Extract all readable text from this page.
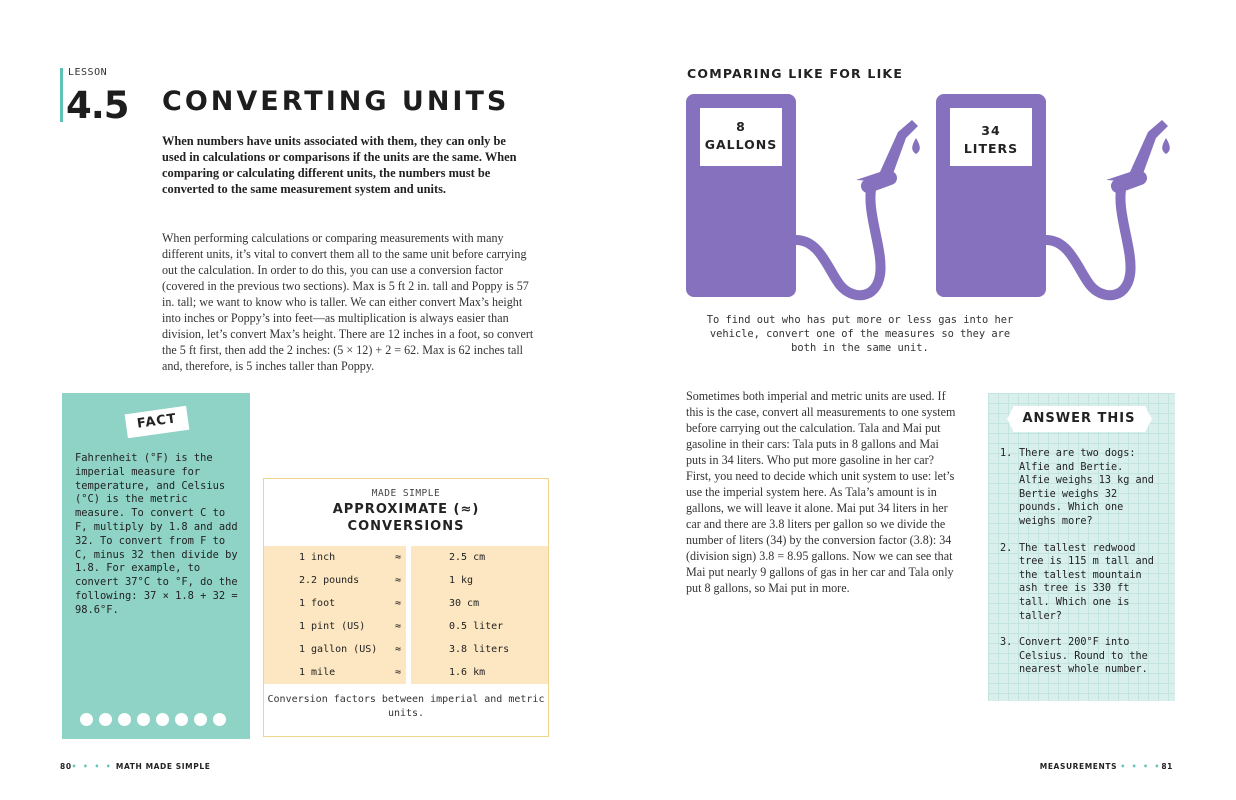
LESSON
4.5 CONVERTING UNITS
When numbers have units associated with them, they can only be used in calculations or comparisons if the units are the same. When comparing or calculating different units, the numbers must be converted to the same measurement system and units.
When performing calculations or comparing measurements with many different units, it’s vital to convert them all to the same unit before carrying out the calculation. In order to do this, you can use a conversion factor (covered in the previous two sections). Max is 5 ft 2 in. tall and Poppy is 57 in. tall; we want to know who is taller. We can either convert Max’s height into inches or Poppy’s into feet—as multiplication is always easier than division, let’s convert Max’s height. There are 12 inches in a foot, so convert the 5 ft first, then add the 2 inches: (5 × 12) + 2 = 62. Max is 62 inches tall and, therefore, is 5 inches taller than Poppy.
FACT
Fahrenheit (°F) is the imperial measure for temperature, and Celsius (°C) is the metric measure. To convert C to F, multiply by 1.8 and add 32. To convert from F to C, minus 32 then divide by 1.8. For example, to convert 37°C to °F, do the following: 37 × 1.8 + 32 = 98.6°F.
MADE SIMPLE
APPROXIMATE (≈)
CONVERSIONS
1 inch	≈	2.5 cm
2.2 pounds	≈	1 kg
1 foot	≈	30 cm
1 pint (US)	≈	0.5 liter
1 gallon (US) ≈	3.8 liters
1 mile	≈	1.6 km
Conversion factors between imperial and metric units.
80• • • • MATH MADE SIMPLE	MEASUREMENTS • • • •81
COMPARING LIKE FOR LIKE
8
GALLONS
34
LITERS
To find out who has put more or less gas into her vehicle, convert one of the measures so they are both in the same unit.
Sometimes both imperial and metric units are used. If this is the case, convert all measurements to one system before carrying out the calculation. Tala and Mai put gasoline in their cars: Tala puts in 8 gallons and Mai puts in 34 liters. Who put more gasoline in her car? First, you need to decide which unit system to use: let’s use the imperial system here. As Tala’s amount is in gallons, we will leave it alone. Mai put 34 liters in her car and there are 3.8 liters per gallon so we divide the number of liters (34) by the conversion factor (3.8): 34 (division sign) 3.8 = 8.95 gallons. Now we can see that Mai put nearly 9 gallons of gas in her car and Tala only put 8 gallons, so Mai put in more.
ANSWER THIS
1. There are two dogs: Alfie and Bertie. Alfie weighs 13 kg and Bertie weighs 32 pounds. Which one weighs more?
2. The tallest redwood tree is 115 m tall and the tallest mountain ash tree is 330 ft tall. Which one is taller?
3. Convert 200°F into Celsius. Round to the nearest whole number.
